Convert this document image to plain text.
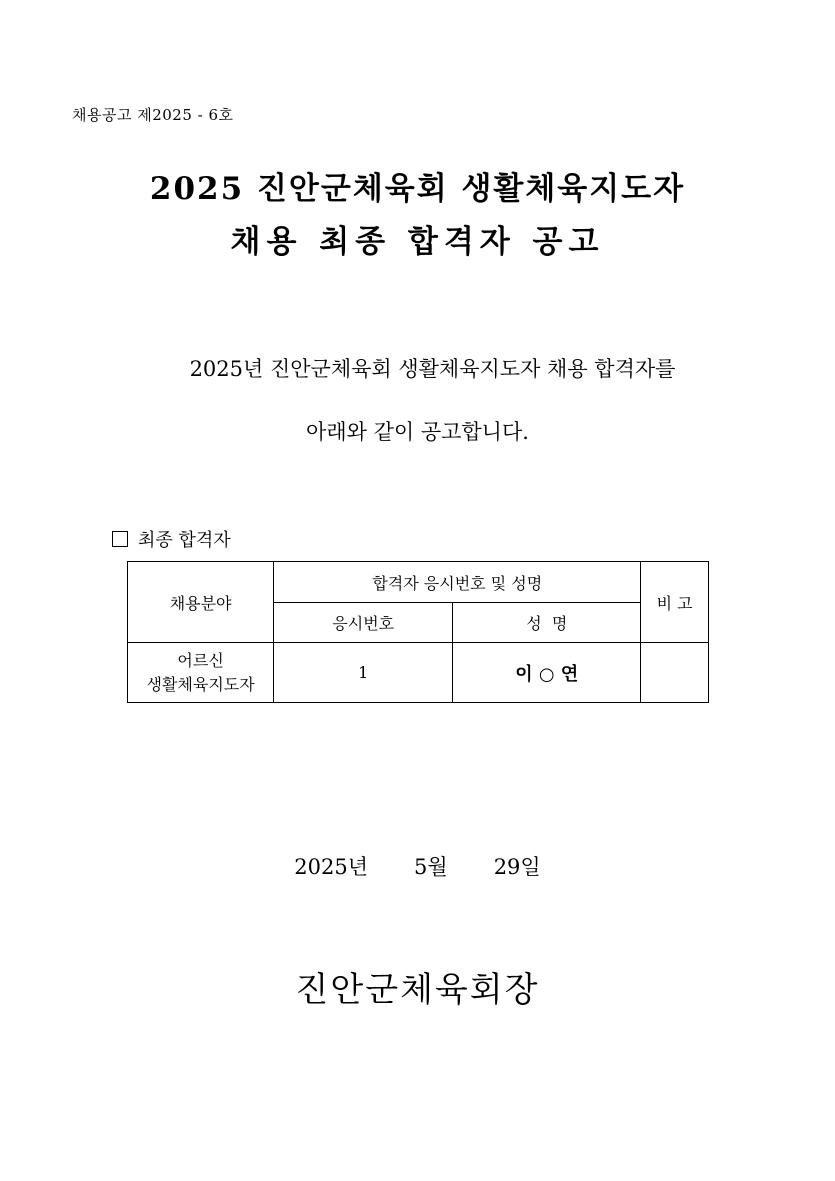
채용공고 제2025 - 6호
2025 진안군체육회 생활체육지도자
채용 최종 합격자 공고
2025년 진안군체육회 생활체육지도자 채용 합격자를
아래와 같이 공고합니다.
최종 합격자
채용분야	합격자 응시번호 및 성명		비 고
	응시번호	성  명	

어르신
생활체육지도자	1	이 ○ 연	
2025년 5월 29일
진안군체육회장
